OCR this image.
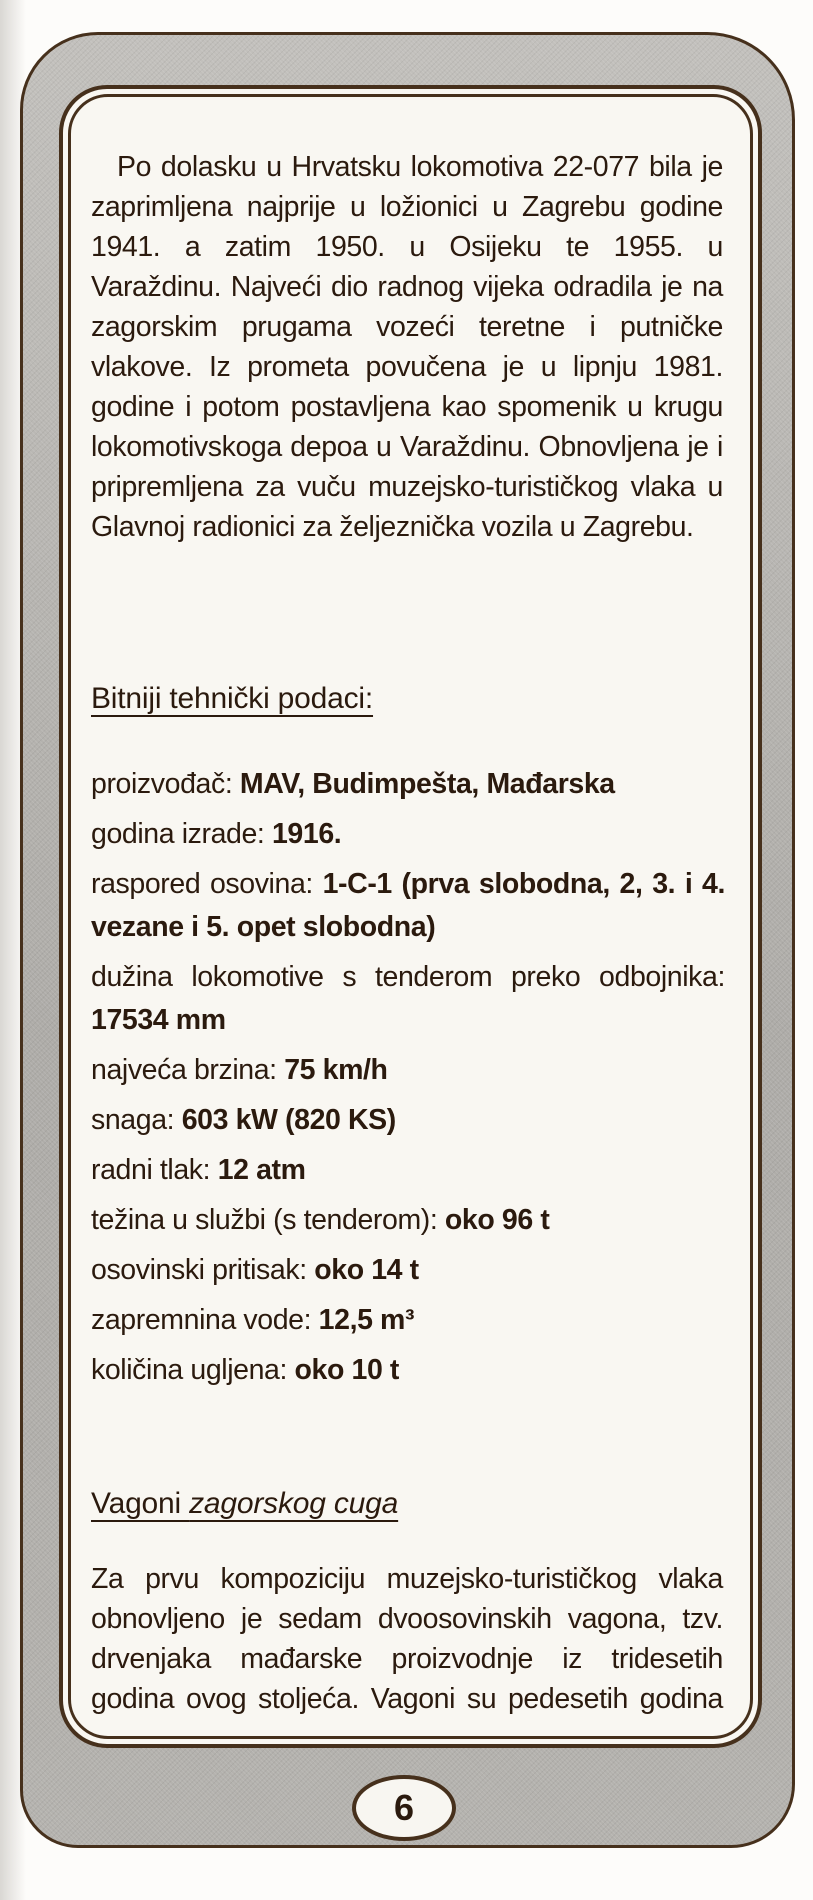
Po dolasku u Hrvatsku lokomotiva 22-077 bila je zaprimljena najprije u ložionici u Zagrebu godine 1941. a zatim 1950. u Osijeku te 1955. u Varaždinu. Najveći dio radnog vijeka odradila je na zagorskim prugama vozeći teretne i putničke vlakove. Iz prometa povučena je u lipnju 1981. godine i potom postavljena kao spomenik u krugu lokomotivskoga depoa u Varaždinu. Obnovljena je i pripremljena za vuču muzejsko-turističkog vlaka u Glavnoj radionici za željeznička vozila u Zagrebu.

Bitniji tehnički podaci:

proizvođač: MAV, Budimpešta, Mađarska

godina izrade: 1916.

raspored osovina: 1-C-1 (prva slobodna, 2, 3. i 4. vezane i 5. opet slobodna)

dužina lokomotive s tenderom preko odbojnika: 17534 mm

najveća brzina: 75 km/h

snaga: 603 kW (820 KS)

radni tlak: 12 atm

težina u službi (s tenderom): oko 96 t

osovinski pritisak: oko 14 t

zapremnina vode: 12,5 m³

količina ugljena: oko 10 t

Vagoni zagorskog cuga

Za prvu kompoziciju muzejsko-turističkog vlaka obnovljeno je sedam dvoosovinskih vagona, tzv. drvenjaka mađarske proizvodnje iz tridesetih godina ovog stoljeća. Vagoni su pedesetih godina

6
